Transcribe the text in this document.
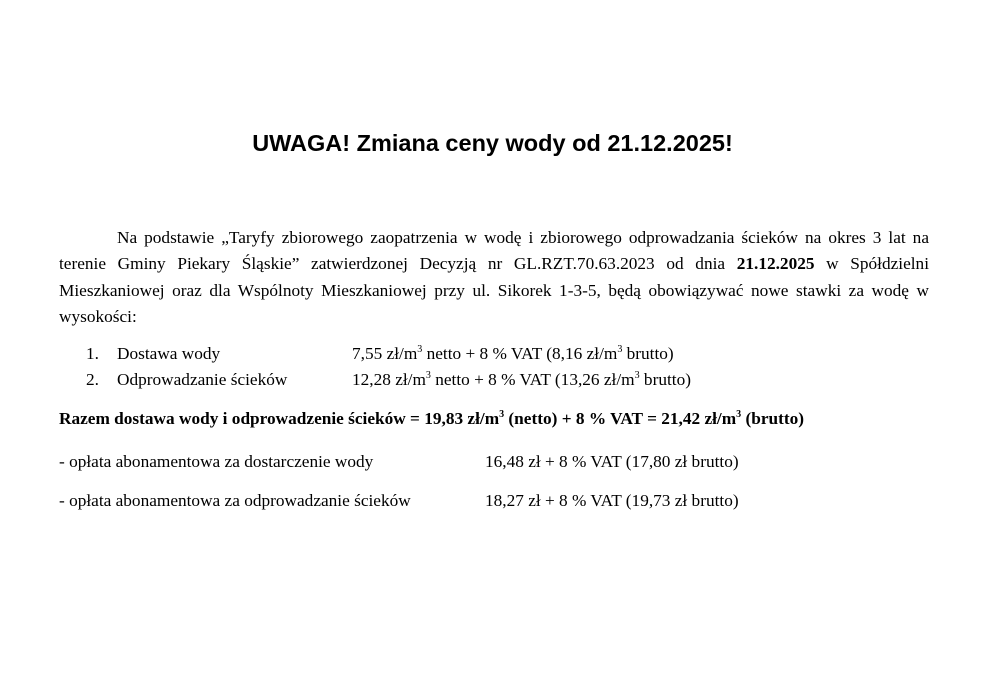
UWAGA! Zmiana ceny wody od 21.12.2025!

Na podstawie „Taryfy zbiorowego zaopatrzenia w wodę i zbiorowego odprowadzania ścieków na okres 3 lat na terenie Gminy Piekary Śląskie” zatwierdzonej Decyzją nr GL.RZT.70.63.2023 od dnia 21.12.2025 w Spółdzielni Mieszkaniowej oraz dla Wspólnoty Mieszkaniowej przy ul. Sikorek 1-3-5, będą obowiązywać nowe stawki za wodę w wysokości:

1. Dostawa wody	7,55 $zł/m^3$ netto + 8 % VAT (8,16 $zł/m^3$ brutto)
2. Odprowadzanie ścieków	12,28 $zł/m^3$ netto + 8 % VAT (13,26 $zł/m^3$ brutto)
Razem dostawa wody i odprowadzenie ścieków = 19,83 $zł/m^3$ (netto) + 8 % VAT = 21,42 $zł/m^3$ (brutto)
- opłata abonamentowa za dostarczenie wody	16,48 zł + 8 % VAT (17,80 zł brutto)
- opłata abonamentowa za odprowadzanie ścieków	18,27 zł + 8 % VAT (19,73 zł brutto)
